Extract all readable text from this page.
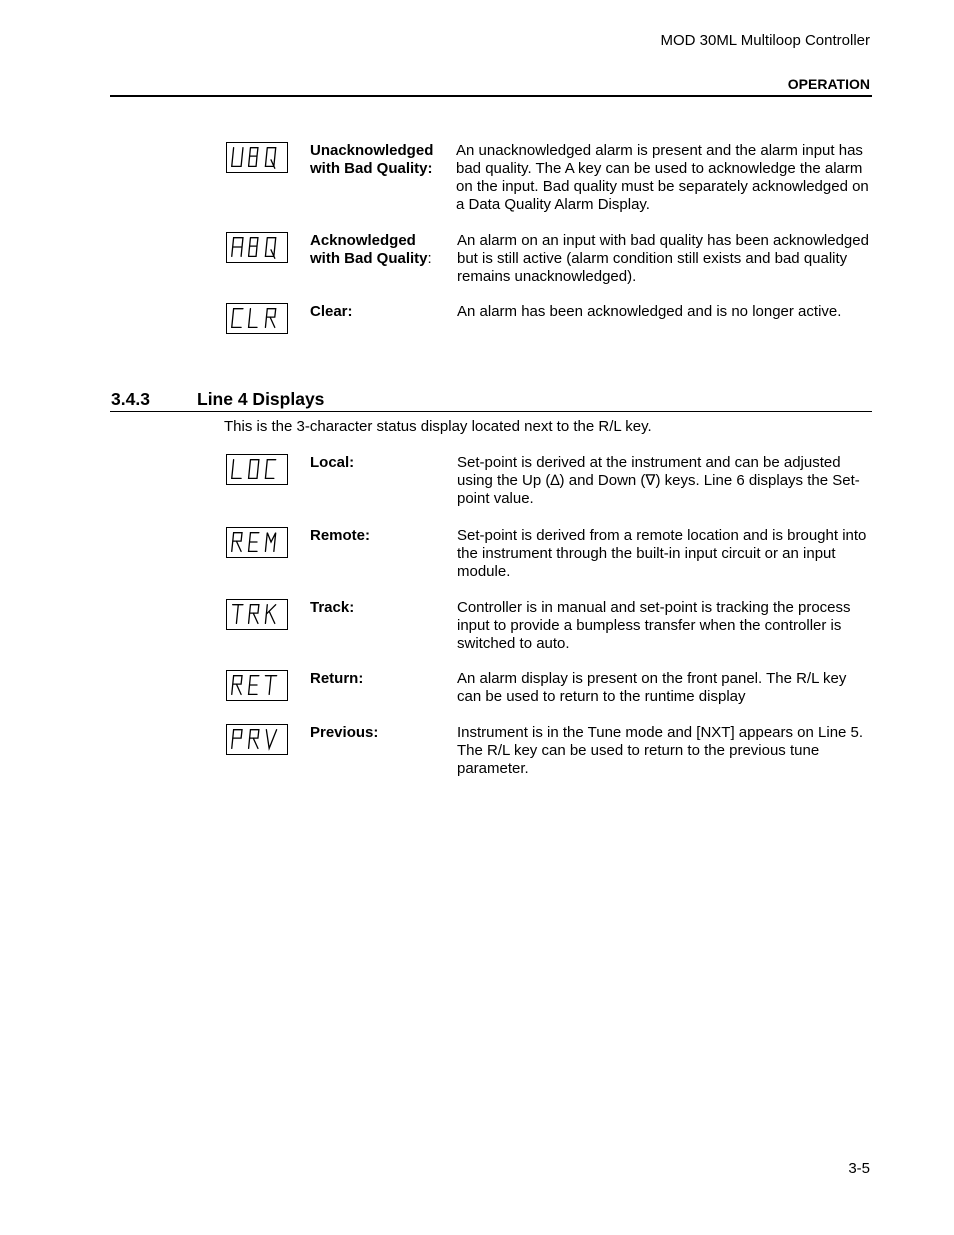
MOD 30ML Multiloop Controller
OPERATION
Unacknowledged
with Bad Quality:
An unacknowledged alarm is present and the alarm input has bad quality. The A key can be used to acknowledge the alarm on the input. Bad quality must be separately acknowledged on a Data Quality Alarm Display.
Acknowledged
with Bad Quality:
An alarm on an input with bad quality has been acknowledged but is still active (alarm condition still exists and bad quality remains unacknowledged).
Clear:	An alarm has been acknowledged and is no longer active.
3.4.3	Line 4 Displays
This is the 3-character status display located next to the R/L key.
Local:	Set-point is derived at the instrument and can be adjusted using the Up (∆) and Down (∇) keys. Line 6 displays the Set-point value.
Remote:	Set-point is derived from a remote location and is brought into the instrument through the built-in input circuit or an input module.
Track:	Controller is in manual and set-point is tracking the process input to provide a bumpless transfer when the controller is switched to auto.
Return:	An alarm display is present on the front panel. The R/L key can be used to return to the runtime display
Previous:	Instrument is in the Tune mode and [NXT] appears on Line 5. The R/L key can be used to return to the previous tune parameter.
3-5
